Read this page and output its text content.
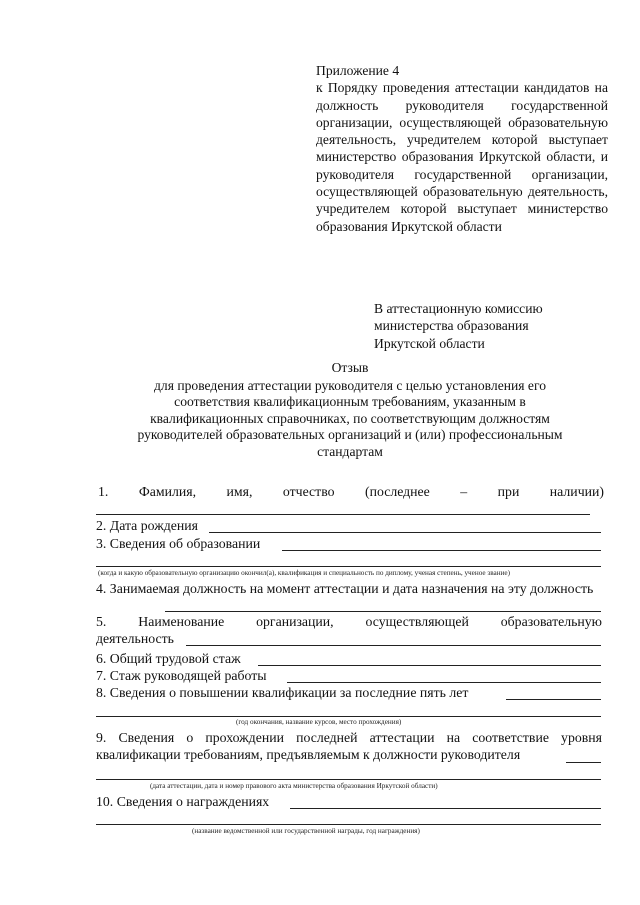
Приложение 4
к Порядку проведения аттестации кандидатов на должность руководителя государственной организации, осуществляющей образовательную деятельность, учредителем которой выступает министерство образования Иркутской области, и руководителя государственной организации, осуществляющей образовательную деятельность, учредителем которой выступает министерство образования Иркутской области
В аттестационную комиссию
министерства образования
Иркутской области
Отзыв
для проведения аттестации руководителя с целью установления его
соответствия квалификационным требованиям, указанным в
квалификационных справочниках, по соответствующим должностям
руководителей образовательных организаций и (или) профессиональным
стандартам
1. Фамилия, имя, отчество (последнее – при наличии)
2. Дата рождения
3. Сведения об образовании
(когда и какую образовательную организацию окончил(а), квалификация и специальность по диплому, ученая степень, ученое звание)
4. Занимаемая должность на момент аттестации и дата назначения на эту должность
5. Наименование организации, осуществляющей образовательную
деятельность
6. Общий трудовой стаж
7. Стаж руководящей работы
8. Сведения о повышении квалификации за последние пять лет
(год окончания, название курсов, место прохождения)
9. Сведения о прохождении последней аттестации на соответствие уровня квалификации требованиям, предъявляемым к должности руководителя
(дата аттестации, дата и номер правового акта министерства образования Иркутской области)
10. Сведения о награждениях
(название ведомственной или государственной награды, год награждения)
